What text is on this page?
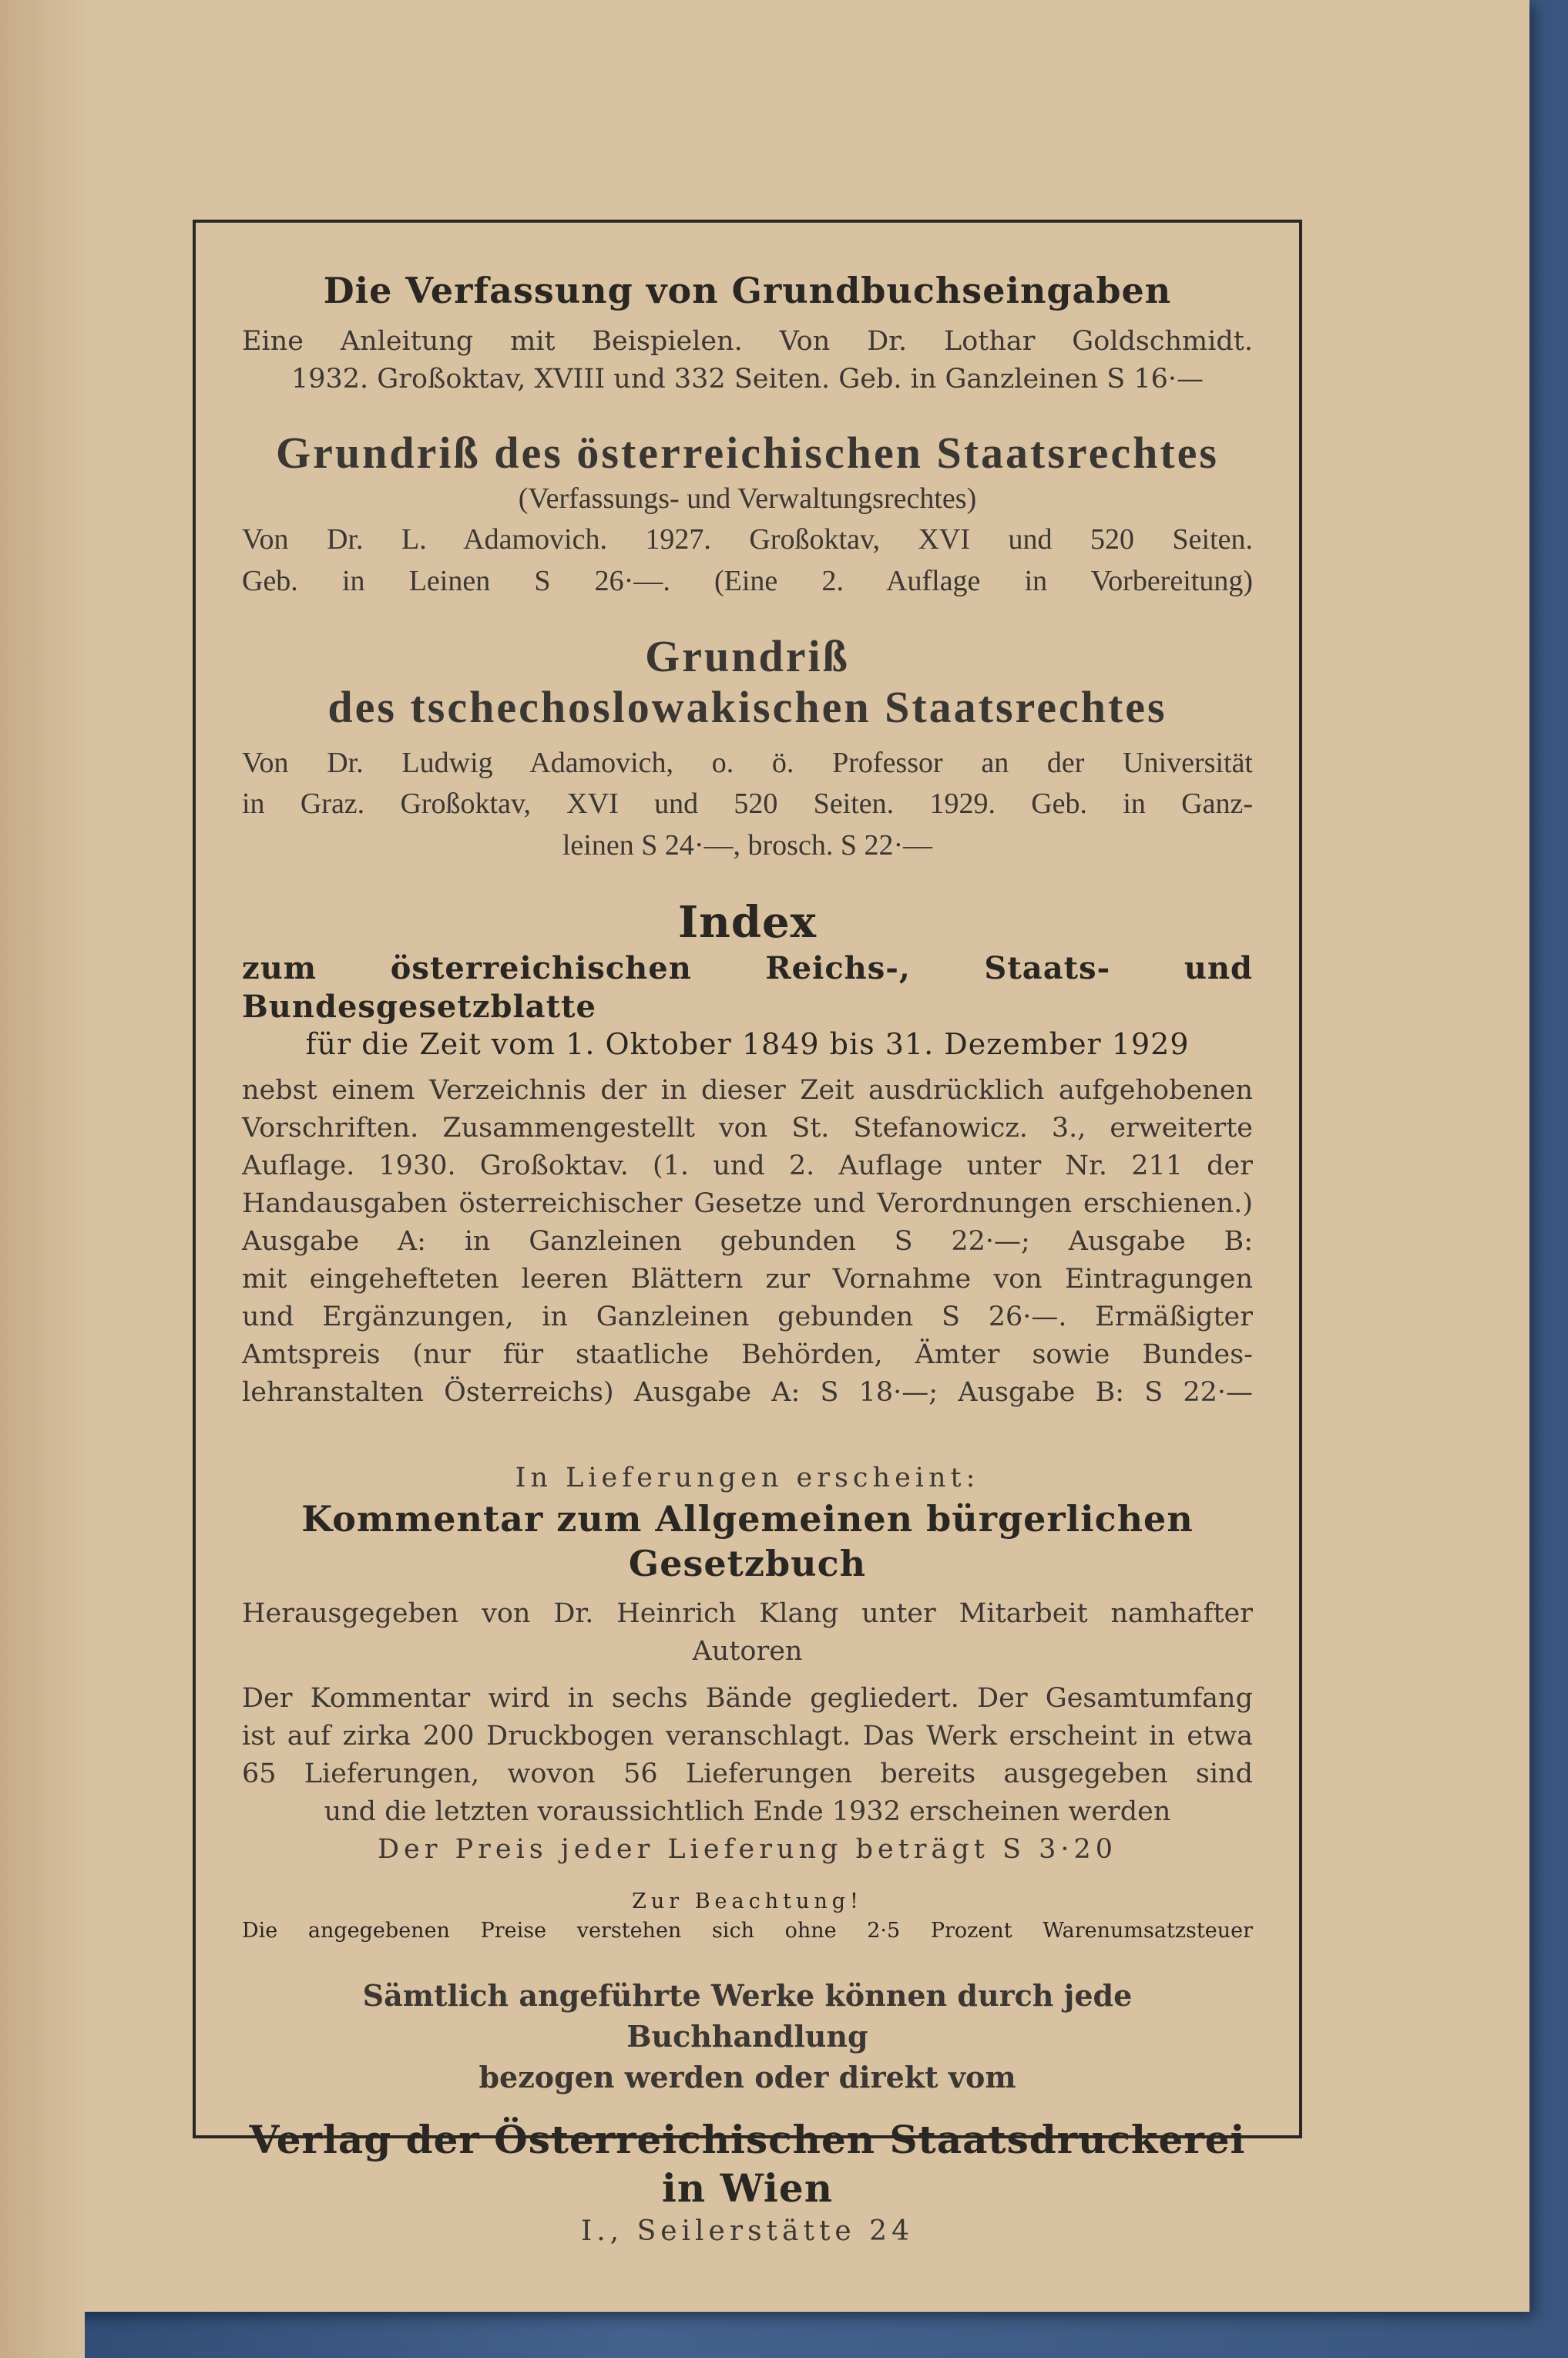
Die Verfassung von Grundbuchseingaben
Eine Anleitung mit Beispielen. Von Dr. Lothar Goldschmidt.
1932. Großoktav, XVIII und 332 Seiten. Geb. in Ganzleinen S 16·—
Grundriß des österreichischen Staatsrechtes
(Verfassungs- und Verwaltungsrechtes)
Von Dr. L. Adamovich. 1927. Großoktav, XVI und 520 Seiten.
Geb. in Leinen S 26·—. (Eine 2. Auflage in Vorbereitung)
Grundriß
des tschechoslowakischen Staatsrechtes
Von Dr. Ludwig Adamovich, o. ö. Professor an der Universität
in Graz. Großoktav, XVI und 520 Seiten. 1929. Geb. in Ganz-
leinen S 24·—, brosch. S 22·—
Index
zum österreichischen Reichs-, Staats- und Bundesgesetzblatte
für die Zeit vom 1. Oktober 1849 bis 31. Dezember 1929
nebst einem Verzeichnis der in dieser Zeit ausdrücklich aufgehobenen
Vorschriften. Zusammengestellt von St. Stefanowicz. 3., erweiterte
Auflage. 1930. Großoktav. (1. und 2. Auflage unter Nr. 211 der
Handausgaben österreichischer Gesetze und Verordnungen erschienen.)
Ausgabe A: in Ganzleinen gebunden S 22·—; Ausgabe B:
mit eingehefteten leeren Blättern zur Vornahme von Eintragungen
und Ergänzungen, in Ganzleinen gebunden S 26·—. Ermäßigter
Amtspreis (nur für staatliche Behörden, Ämter sowie Bundes-
lehranstalten Österreichs) Ausgabe A: S 18·—; Ausgabe B: S 22·—
In Lieferungen erscheint:
Kommentar zum Allgemeinen bürgerlichen Gesetzbuch
Herausgegeben von Dr. Heinrich Klang unter Mitarbeit namhafter
Autoren
Der Kommentar wird in sechs Bände gegliedert. Der Gesamtumfang
ist auf zirka 200 Druckbogen veranschlagt. Das Werk erscheint in etwa
65 Lieferungen, wovon 56 Lieferungen bereits ausgegeben sind
und die letzten voraussichtlich Ende 1932 erscheinen werden
Der Preis jeder Lieferung beträgt S 3·20
Zur Beachtung!
Die angegebenen Preise verstehen sich ohne 2·5 Prozent Warenumsatzsteuer
Sämtlich angeführte Werke können durch jede Buchhandlung
bezogen werden oder direkt vom
Verlag der Österreichischen Staatsdruckerei in Wien
I., Seilerstätte 24
